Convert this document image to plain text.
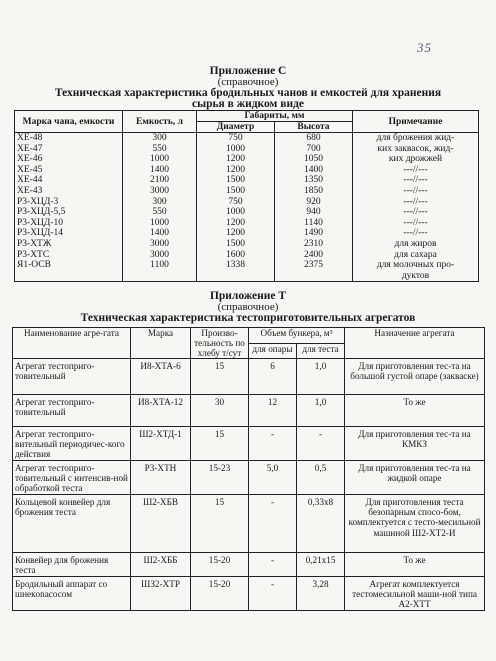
35
Приложение С
(справочное)
Техническая характеристика бродильных чанов и емкостей для хранения
сырья в жидком виде
Марка чана, емкости	Емкость, л	Габариты, мм		Примечание
		Диаметр	Высота	
ХЕ-48	300	750	680	для брожения жид-
ХЕ-47	550	1000	700	ких заквасок, жид-
ХЕ-46	1000	1200	1050	ких дрожжей
ХЕ-45	1400	1200	1400	---//---
ХЕ-44	2100	1500	1350	---//---
ХЕ-43	3000	1500	1850	---//---
Р3-ХЦД-3	300	750	920	---//---
Р3-ХЦД-5,5	550	1000	940	---//---
Р3-ХЦД-10	1000	1200	1140	---//---
Р3-ХЦД-14	1400	1200	1490	---//---
Р3-ХТЖ	3000	1500	2310	для жиров
Р3-ХТС	3000	1600	2400	для сахара
Я1-ОСВ	1100	1338	2375	для молочных про-
				дуктов
Приложение Т
(справочное)
Техническая характеристика тестоприготовительных агрегатов
Наименование агре-гата	Марка	Произво-тельность по хлебу т/сут	Объем бункера, м³		Назначение агрегата
			для опары	для теста	
Агрегат тестоприго-товительный	И8-ХТА-6	15	6	1,0	Для приготовления тес-та на большой густой опаре (закваске)
Агрегат тестоприго-товительный	И8-ХТА-12	30	12	1,0	То же
Агрегат тестоприго-вительный периодичес-кого действия	Ш2-ХТД-1	15	-	-	Для приготовления тес-та на КМКЗ
Агрегат тестоприго-товительный с интенсив-ной обработкой теста	Р3-ХТН	15-23	5,0	0,5	Для приготовления тес-та на жидкой опаре
Кольцевой конвейер для брожения теста	Ш2-ХБВ	15	-	0,33х8	Для приготовления теста безопарным спосо-бом, комплектуется с тесто-месильной машиной Ш2-ХТ2-И
Конвейер для брожения теста	Ш2-ХББ	15-20	-	0,21х15	То же
Бродильный аппарат со шнекonасосом	ШЗ2-ХТР	15-20	-	3,28	Агрегат комплектуется тестомесильной маши-ной типа А2-ХТТ
